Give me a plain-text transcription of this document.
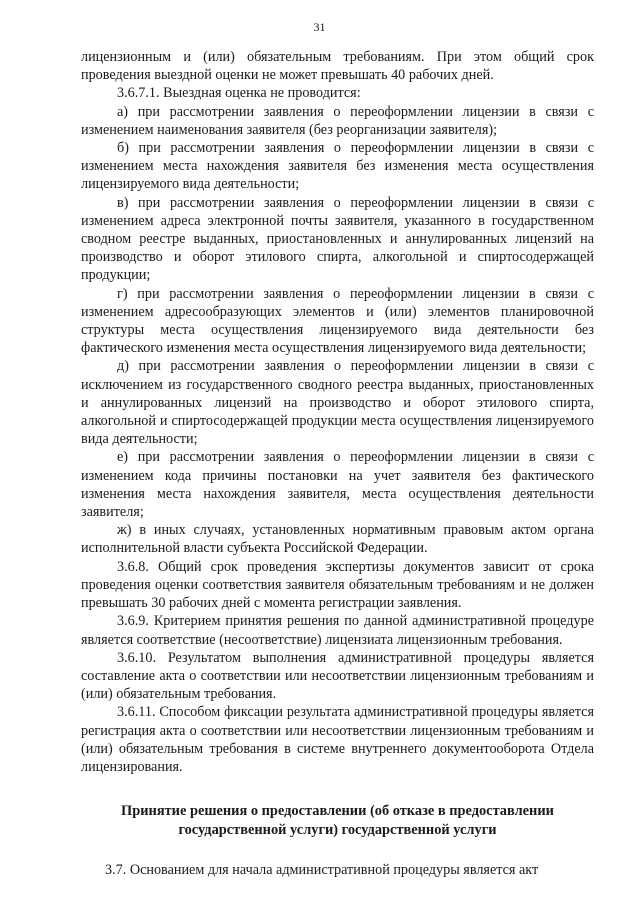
31

лицензионным и (или) обязательным требованиям. При этом общий срок проведения выездной оценки не может превышать 40 рабочих дней.

3.6.7.1. Выездная оценка не проводится:

а) при рассмотрении заявления о переоформлении лицензии в связи с изменением наименования заявителя (без реорганизации заявителя);

б) при рассмотрении заявления о переоформлении лицензии в связи с изменением места нахождения заявителя без изменения места осуществления лицензируемого вида деятельности;

в) при рассмотрении заявления о переоформлении лицензии в связи с изменением адреса электронной почты заявителя, указанного в государственном сводном реестре выданных, приостановленных и аннулированных лицензий на производство и оборот этилового спирта, алкогольной и спиртосодержащей продукции;

г) при рассмотрении заявления о переоформлении лицензии в связи с изменением адресообразующих элементов и (или) элементов планировочной структуры места осуществления лицензируемого вида деятельности без фактического изменения места осуществления лицензируемого вида деятельности;

д) при рассмотрении заявления о переоформлении лицензии в связи с исключением из государственного сводного реестра выданных, приостановленных и аннулированных лицензий на производство и оборот этилового спирта, алкогольной и спиртосодержащей продукции места осуществления лицензируемого вида деятельности;

е) при рассмотрении заявления о переоформлении лицензии в связи с изменением кода причины постановки на учет заявителя без фактического изменения места нахождения заявителя, места осуществления деятельности заявителя;

ж) в иных случаях, установленных нормативным правовым актом органа исполнительной власти субъекта Российской Федерации.

3.6.8. Общий срок проведения экспертизы документов зависит от срока проведения оценки соответствия заявителя обязательным требованиям и не должен превышать 30 рабочих дней с момента регистрации заявления.

3.6.9. Критерием принятия решения по данной административной процедуре является соответствие (несоответствие) лицензиата лицензионным требования.

3.6.10. Результатом выполнения административной процедуры является составление акта о соответствии или несоответствии лицензионным требованиям и (или) обязательным требования.

3.6.11. Способом фиксации результата административной процедуры является регистрация акта о соответствии или несоответствии лицензионным требованиям и (или) обязательным требования в системе внутреннего документооборота Отдела лицензирования.

Принятие решения о предоставлении (об отказе в предоставлении государственной услуги) государственной услуги

3.7. Основанием для начала административной процедуры является акт
